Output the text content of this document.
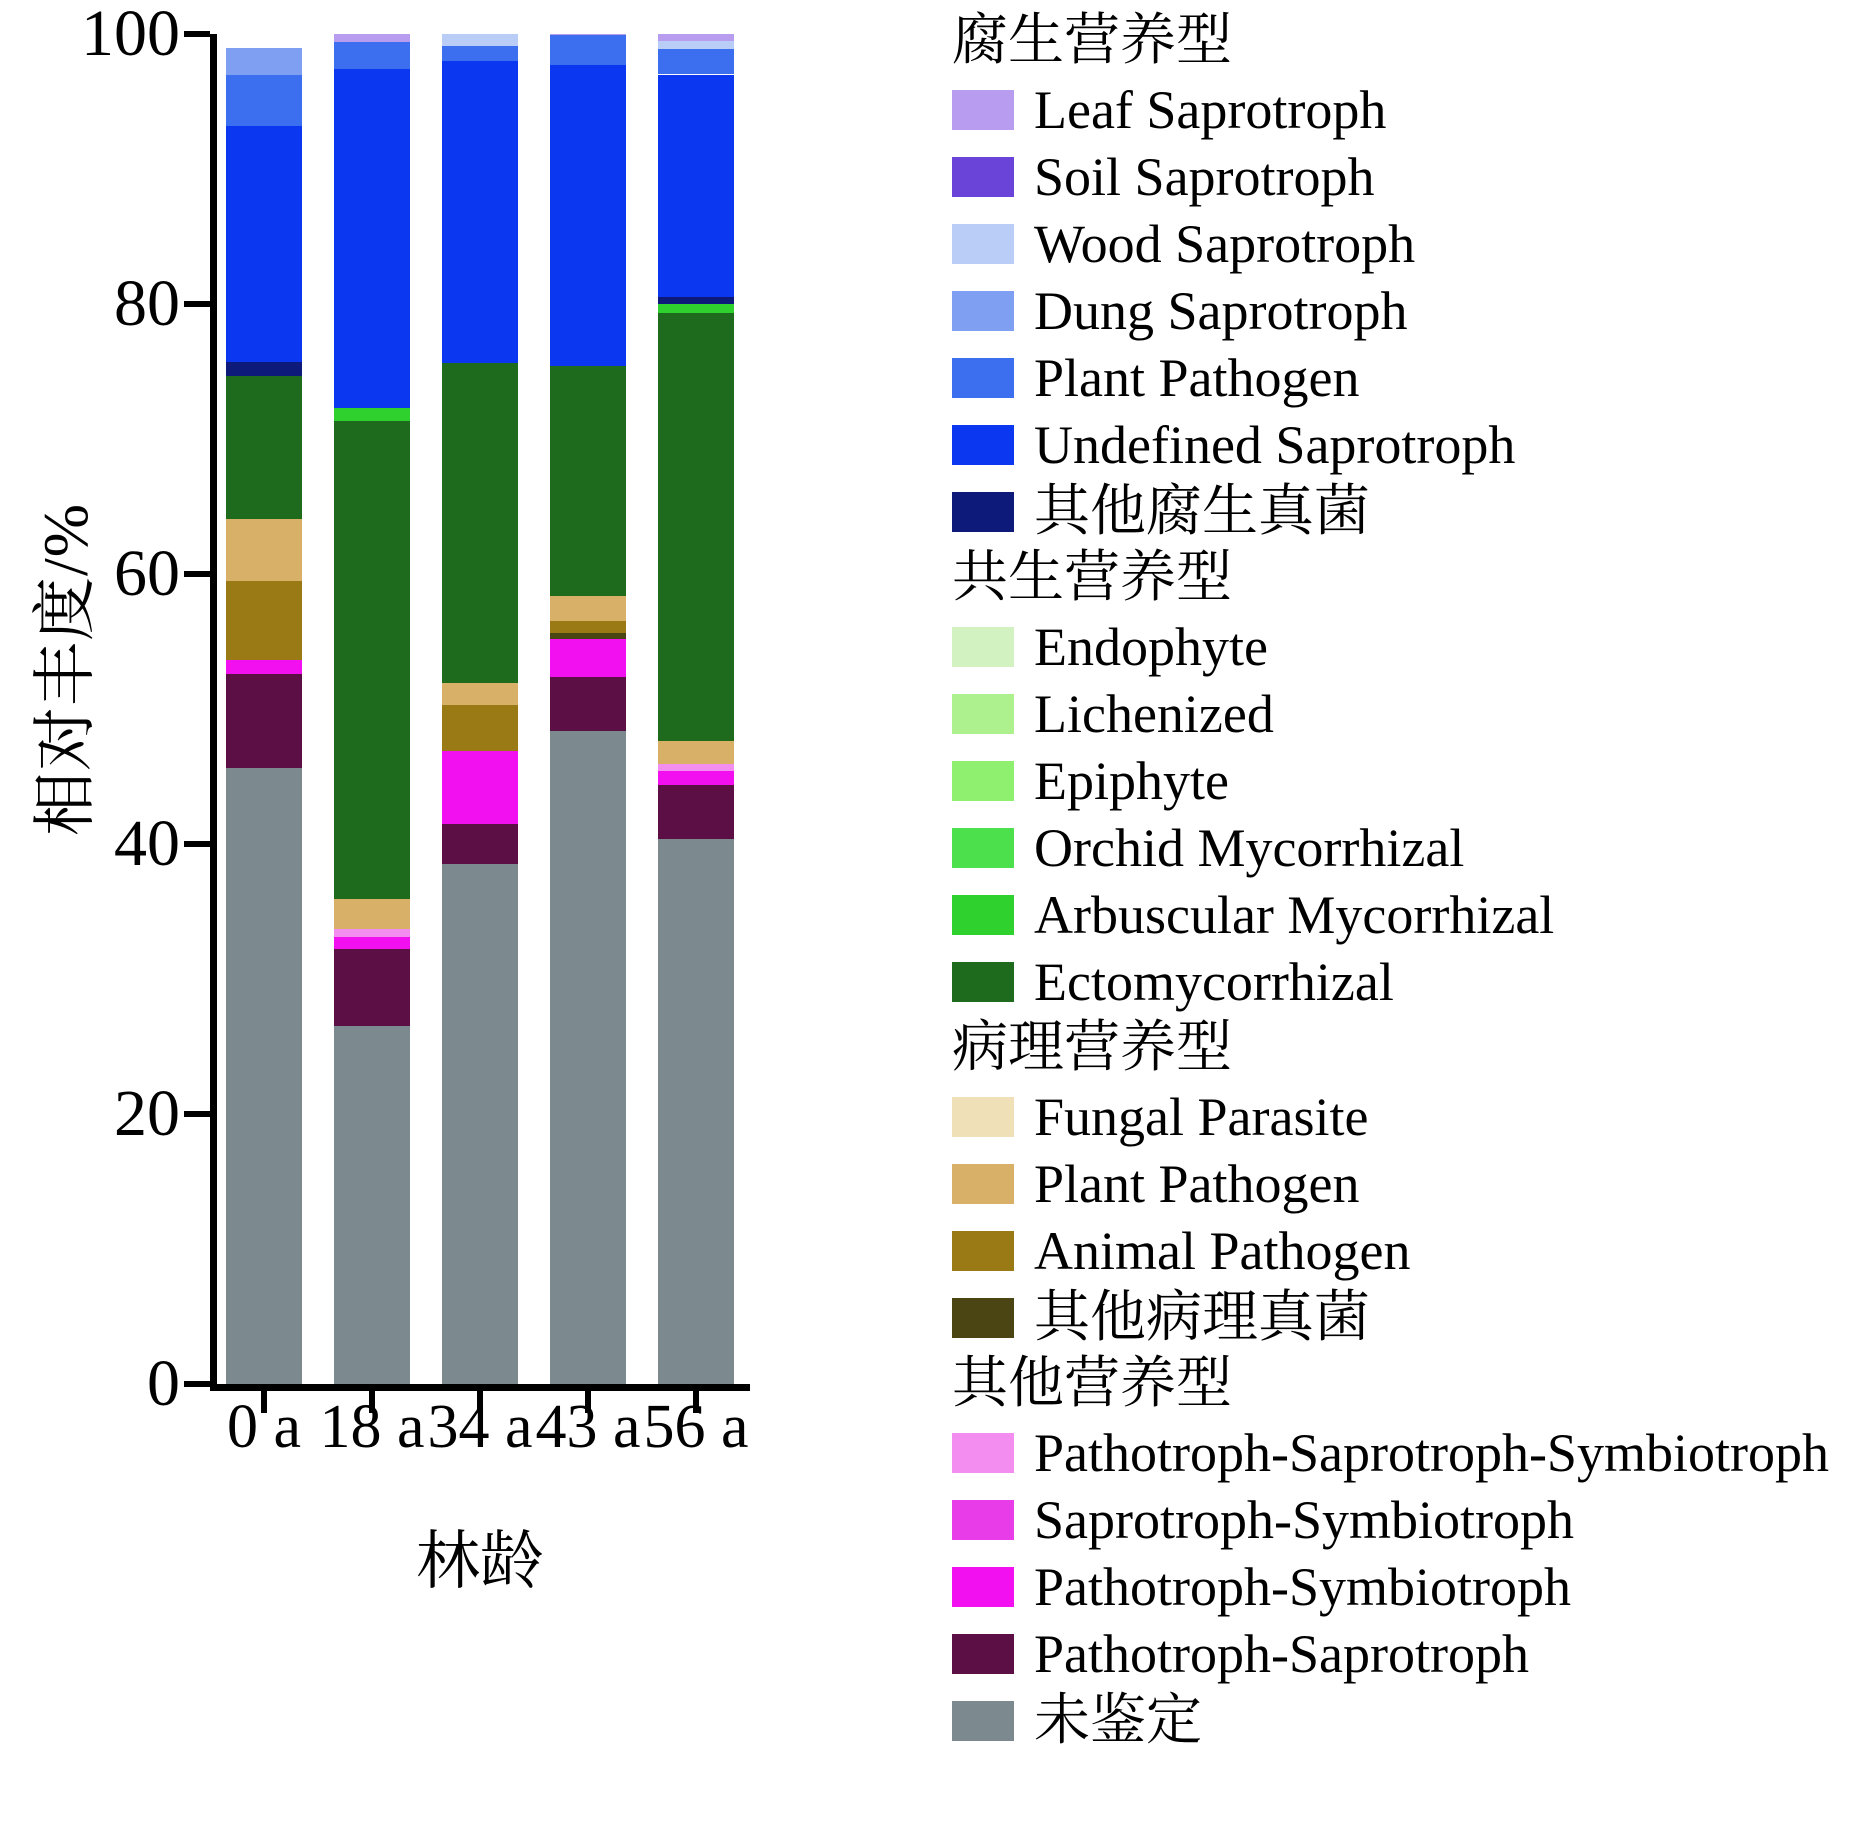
相对丰度/%
0
20
40
60
80
100
0 a 18 a 34 a 43 a 56 a
林龄
腐生营养型
Leaf Saprotroph
Soil Saprotroph
Wood Saprotroph
Dung Saprotroph
Plant Pathogen
Undefined Saprotroph
其他腐生真菌
共生营养型
Endophyte
Lichenized
Epiphyte
Orchid Mycorrhizal
Arbuscular Mycorrhizal
Ectomycorrhizal
病理营养型
Fungal Parasite
Plant Pathogen
Animal Pathogen
其他病理真菌
其他营养型
Pathotroph-Saprotroph-Symbiotroph
Saprotroph-Symbiotroph
Pathotroph-Symbiotroph
Pathotroph-Saprotroph
未鉴定
